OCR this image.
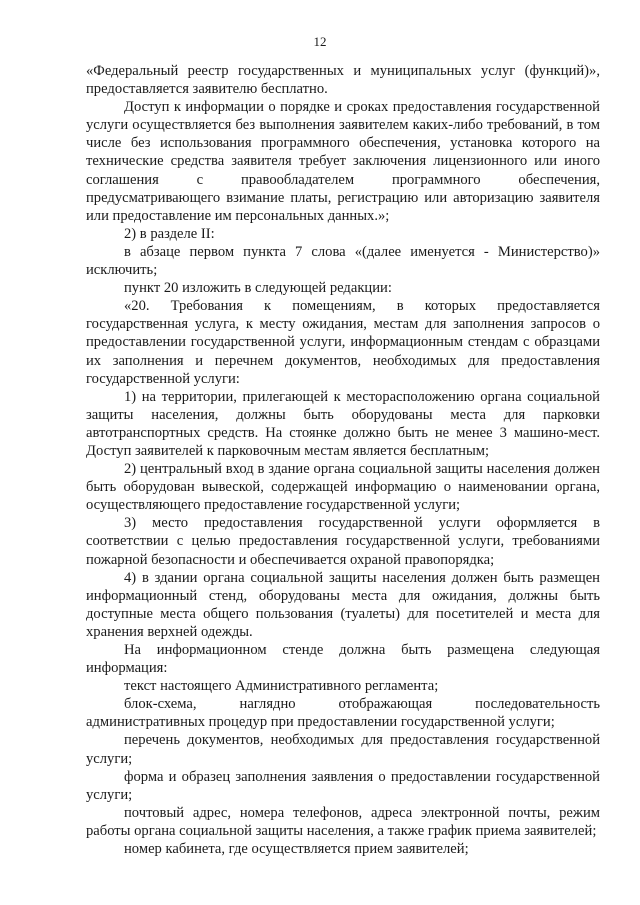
12

«Федеральный реестр государственных и муниципальных услуг (функций)», предоставляется заявителю бесплатно.

Доступ к информации о порядке и сроках предоставления государственной услуги осуществляется без выполнения заявителем каких-либо требований, в том числе без использования программного обеспечения, установка которого на технические средства заявителя требует заключения лицензионного или иного соглашения с правообладателем программного обеспечения, предусматривающего взимание платы, регистрацию или авторизацию заявителя или предоставление им персональных данных.»;

2) в разделе II:

в абзаце первом пункта 7 слова «(далее именуется - Министерство)» исключить;

пункт 20 изложить в следующей редакции:

«20. Требования к помещениям, в которых предоставляется государственная услуга, к месту ожидания, местам для заполнения запросов о предоставлении государственной услуги, информационным стендам с образцами их заполнения и перечнем документов, необходимых для предоставления государственной услуги:

1) на территории, прилегающей к месторасположению органа социальной защиты населения, должны быть оборудованы места для парковки автотранспортных средств. На стоянке должно быть не менее 3 машино-мест. Доступ заявителей к парковочным местам является бесплатным;

2) центральный вход в здание органа социальной защиты населения должен быть оборудован вывеской, содержащей информацию о наименовании органа, осуществляющего предоставление государственной услуги;

3) место предоставления государственной услуги оформляется в соответствии с целью предоставления государственной услуги, требованиями пожарной безопасности и обеспечивается охраной правопорядка;

4) в здании органа социальной защиты населения должен быть размещен информационный стенд, оборудованы места для ожидания, должны быть доступные места общего пользования (туалеты) для посетителей и места для хранения верхней одежды.

На информационном стенде должна быть размещена следующая информация:

текст настоящего Административного регламента;

блок-схема, наглядно отображающая последовательность административных процедур при предоставлении государственной услуги;

перечень документов, необходимых для предоставления государственной услуги;

форма и образец заполнения заявления о предоставлении государственной услуги;

почтовый адрес, номера телефонов, адреса электронной почты, режим работы органа социальной защиты населения, а также график приема заявителей;

номер кабинета, где осуществляется прием заявителей;
